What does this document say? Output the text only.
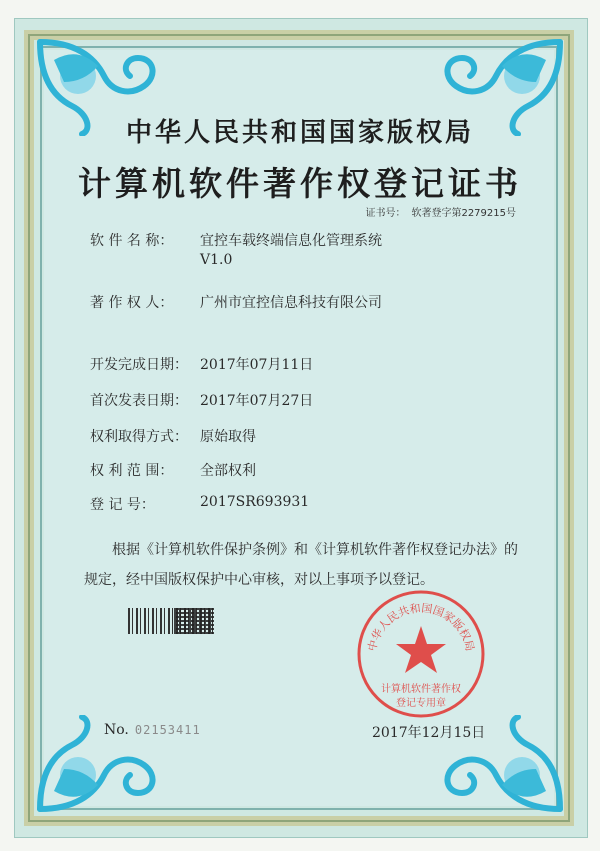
中华人民共和国国家版权局
计算机软件著作权登记证书
证书号： 软著登字第2279215号
软 件 名 称： 宜控车载终端信息化管理系统
V1.0
著 作 权 人： 广州市宜控信息科技有限公司
开发完成日期： 2017年07月11日
首次发表日期： 2017年07月27日
权利取得方式： 原始取得
权 利 范 围： 全部权利
登 记 号：	2017SR693931
根据《计算机软件保护条例》和《计算机软件著作权登记办法》的
规定，经中国版权保护中心审核，对以上事项予以登记。
中华人民共和国国家版权局
计算机软件著作权
登记专用章
No. 02153411	2017年12月15日
